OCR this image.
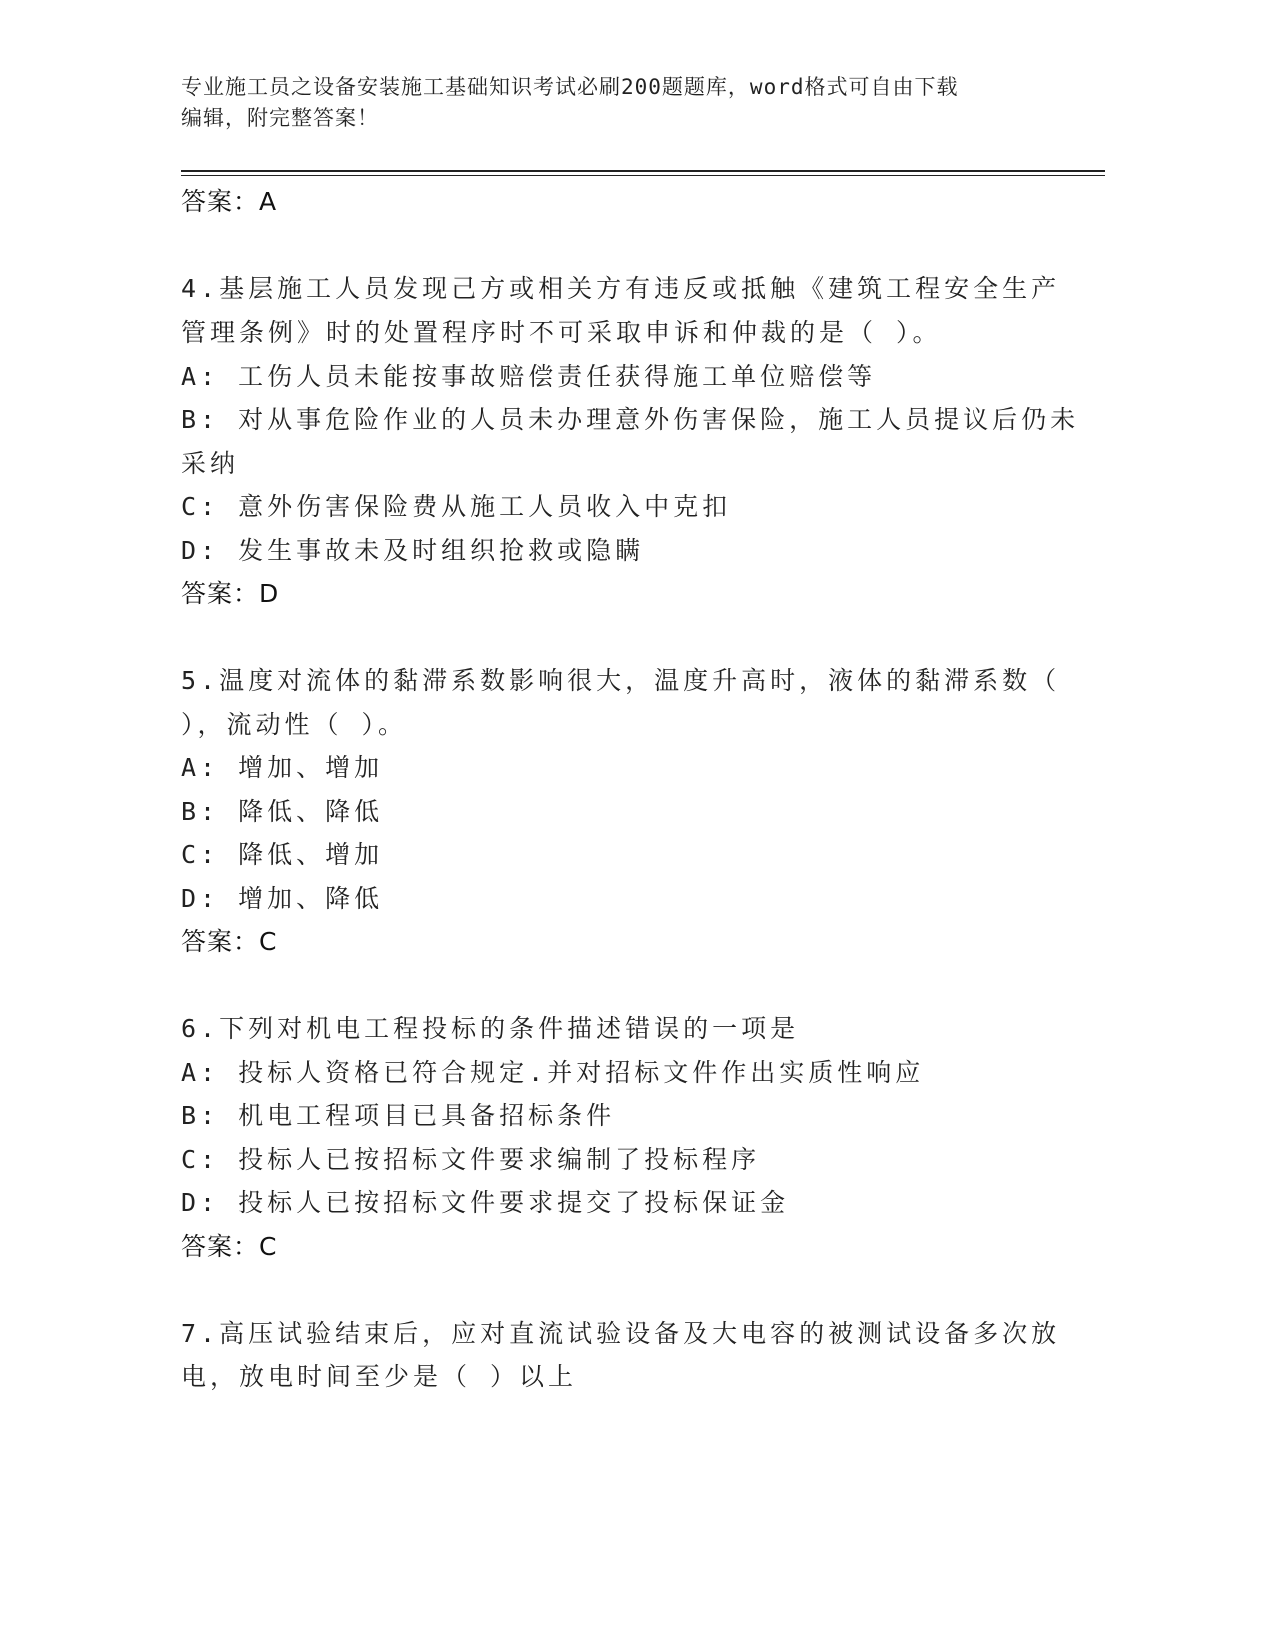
专业施工员之设备安装施工基础知识考试必刷200题题库，word格式可自由下载
编辑，附完整答案！
答案：A
4.基层施工人员发现己方或相关方有违反或抵触《建筑工程安全生产
管理条例》时的处置程序时不可采取申诉和仲裁的是（ ）。
A: 工伤人员未能按事故赔偿责任获得施工单位赔偿等
B: 对从事危险作业的人员未办理意外伤害保险，施工人员提议后仍未
采纳
C: 意外伤害保险费从施工人员收入中克扣
D: 发生事故未及时组织抢救或隐瞒
答案：D
5.温度对流体的黏滞系数影响很大，温度升高时，液体的黏滞系数（
），流动性（ ）。
A: 增加、增加
B: 降低、降低
C: 降低、增加
D: 增加、降低
答案：C
6.下列对机电工程投标的条件描述错误的一项是
A: 投标人资格已符合规定.并对招标文件作出实质性响应
B: 机电工程项目已具备招标条件
C: 投标人已按招标文件要求编制了投标程序
D: 投标人已按招标文件要求提交了投标保证金
答案：C
7.高压试验结束后，应对直流试验设备及大电容的被测试设备多次放
电，放电时间至少是（ ）以上
